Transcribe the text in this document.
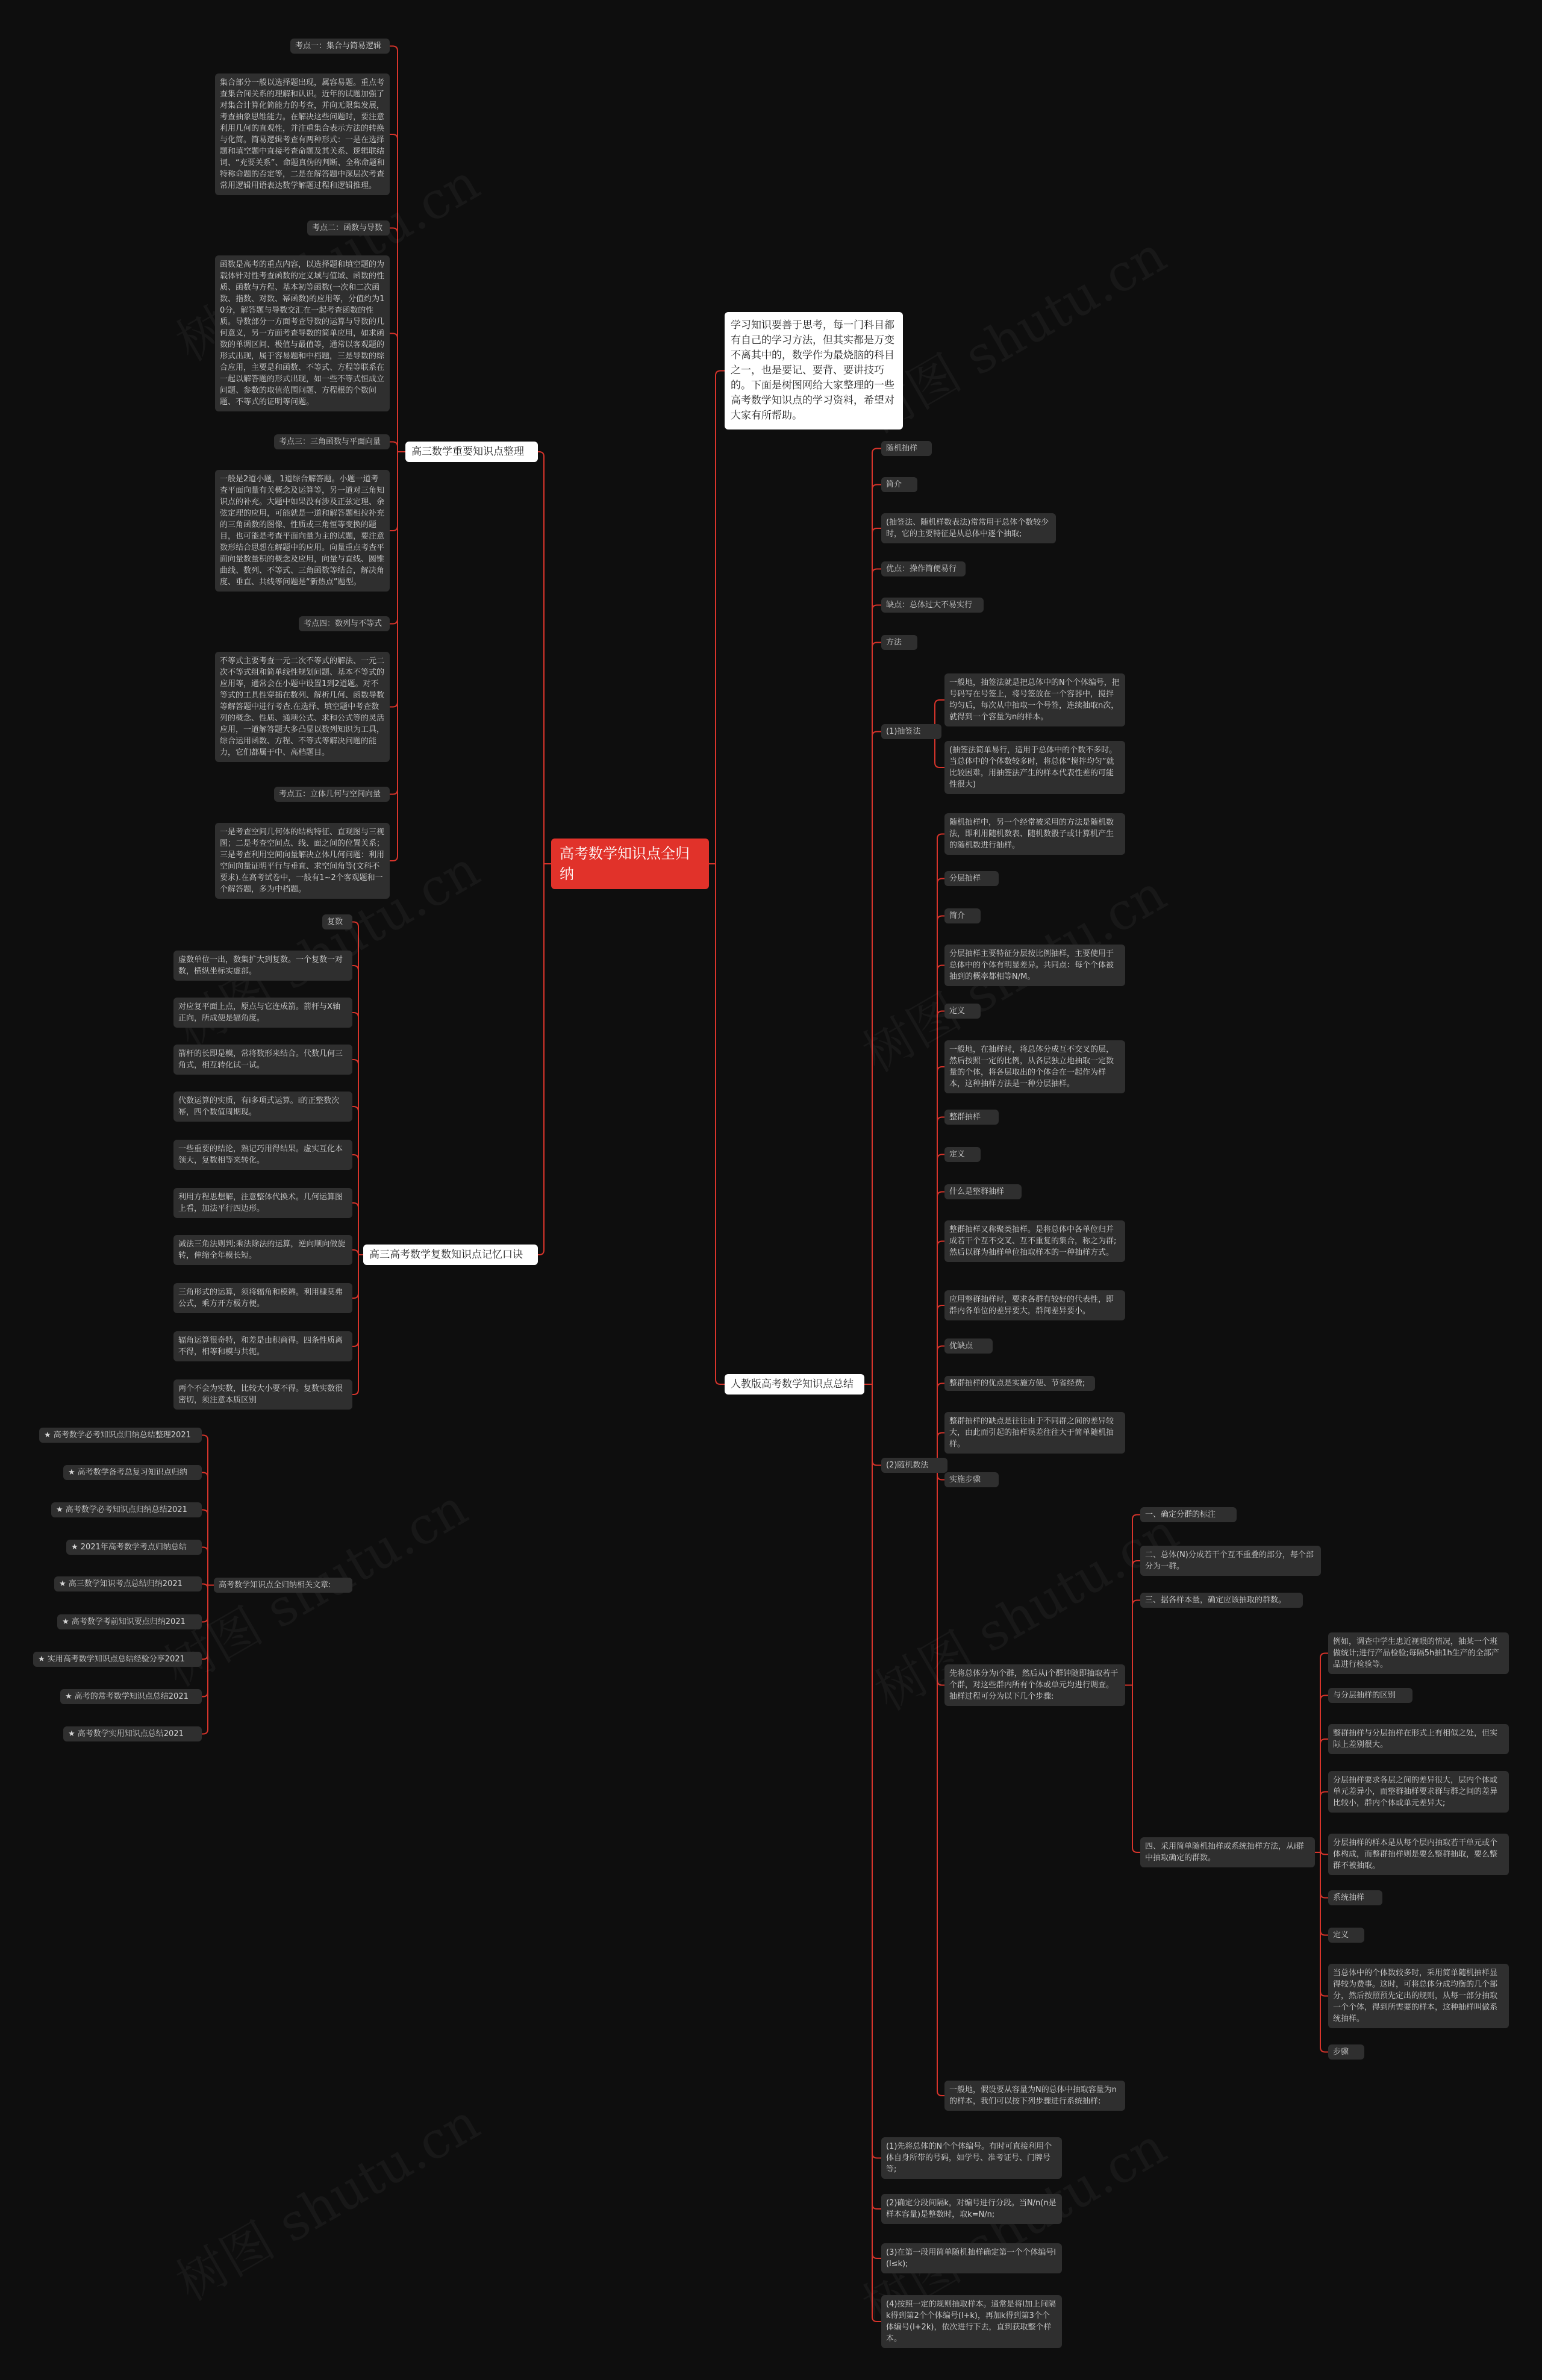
高考数学知识点全归纳
学习知识要善于思考，每一门科目都有自己的学习方法，但其实都是万变不离其中的，数学作为最烧脑的科目之一，也是要记、要背、要讲技巧的。下面是树图网给大家整理的一些高考数学知识点的学习资料，希望对大家有所帮助。
高三数学重要知识点整理
考点一：集合与简易逻辑
集合部分一般以选择题出现，属容易题。重点考查集合间关系的理解和认识。近年的试题加强了对集合计算化简能力的考查，并向无限集发展，考查抽象思维能力。在解决这些问题时，要注意利用几何的直观性，并注重集合表示方法的转换与化简。简易逻辑考查有两种形式：一是在选择题和填空题中直接考查命题及其关系、逻辑联结词、“充要关系”、命题真伪的判断、全称命题和特称命题的否定等，二是在解答题中深层次考查常用逻辑用语表达数学解题过程和逻辑推理。
考点二：函数与导数
函数是高考的重点内容，以选择题和填空题的为载体针对性考查函数的定义域与值域、函数的性质、函数与方程、基本初等函数(一次和二次函数、指数、对数、幂函数)的应用等，分值约为10分，解答题与导数交汇在一起考查函数的性质。导数部分一方面考查导数的运算与导数的几何意义，另一方面考查导数的简单应用，如求函数的单调区间、极值与最值等，通常以客观题的形式出现，属于容易题和中档题，三是导数的综合应用，主要是和函数、不等式、方程等联系在一起以解答题的形式出现，如一些不等式恒成立问题、参数的取值范围问题、方程根的个数问题、不等式的证明等问题。
考点三：三角函数与平面向量
一般是2道小题，1道综合解答题。小题一道考查平面向量有关概念及运算等，另一道对三角知识点的补充。大题中如果没有涉及正弦定理、余弦定理的应用，可能就是一道和解答题相拉补充的三角函数的图像、性质或三角恒等变换的题目，也可能是考查平面向量为主的试题，要注意数形结合思想在解题中的应用。向量重点考查平面向量数量积的概念及应用，向量与直线、圆锥曲线、数列、不等式、三角函数等结合，解决角度、垂直、共线等问题是“新热点”题型。
考点四：数列与不等式
不等式主要考查一元二次不等式的解法、一元二次不等式组和简单线性规划问题、基本不等式的应用等，通常会在小题中设置1到2道题。对不等式的工具性穿插在数列、解析几何、函数导数等解答题中进行考查.在选择、填空题中考查数列的概念、性质、通项公式、求和公式等的灵活应用，一道解答题大多凸显以数列知识为工具，综合运用函数、方程、不等式等解决问题的能力，它们都属于中、高档题目。
考点五：立体几何与空间向量
一是考查空间几何体的结构特征、直观图与三视图；二是考查空间点、线、面之间的位置关系；三是考查利用空间向量解决立体几何问题：利用空间向量证明平行与垂直、求空间角等(文科不要求).在高考试卷中，一般有1~2个客观题和一个解答题，多为中档题。
高三高考数学复数知识点记忆口诀
复数
虚数单位一出，数集扩大到复数。一个复数一对数，横纵坐标实虚部。
对应复平面上点，原点与它连成箭。箭杆与X轴正向，所成便是辐角度。
箭杆的长即是模，常将数形来结合。代数几何三角式，相互转化试一试。
代数运算的实质，有i多项式运算。i的正整数次幂，四个数值周期现。
一些重要的结论，熟记巧用得结果。虚实互化本领大，复数相等来转化。
利用方程思想解，注意整体代换术。几何运算图上看，加法平行四边形。
减法三角法则判;乘法除法的运算，逆向顺向做旋转，伸缩全年模长短。
三角形式的运算，须将辐角和模辨。利用棣莫弗公式，乘方开方极方便。
辐角运算很奇特，和差是由积商得。四条性质离不得，相等和模与共轭。
两个不会为实数，比较大小要不得。复数实数很密切，须注意本质区别
高考数学知识点全归纳相关文章:
★ 高考数学必考知识点归纳总结整理2021
★ 高考数学备考总复习知识点归纳
★ 高考数学必考知识点归纳总结2021
★ 2021年高考数学考点归纳总结
★ 高三数学知识考点总结归纳2021
★ 高考数学考前知识要点归纳2021
★ 实用高考数学知识点总结经验分享2021
★ 高考的常考数学知识点总结2021
★ 高考数学实用知识点总结2021
人教版高考数学知识点总结
随机抽样
简介
(抽签法、随机样数表法)常常用于总体个数较少时，它的主要特征是从总体中逐个抽取;
优点：操作简便易行
缺点：总体过大不易实行
方法
(1)抽签法
一般地，抽签法就是把总体中的N个个体编号，把号码写在号签上，将号签放在一个容器中，搅拌均匀后，每次从中抽取一个号签，连续抽取n次，就得到一个容量为n的样本。
(抽签法简单易行，适用于总体中的个数不多时。当总体中的个体数较多时，将总体“搅拌均匀”就比较困难，用抽签法产生的样本代表性差的可能性很大)
(2)随机数法
随机抽样中，另一个经常被采用的方法是随机数法，即利用随机数表、随机数骰子或计算机产生的随机数进行抽样。
分层抽样
简介
分层抽样主要特征分层按比例抽样，主要使用于总体中的个体有明显差异。共同点：每个个体被抽到的概率都相等N/M。
定义
一般地，在抽样时，将总体分成互不交叉的层，然后按照一定的比例，从各层独立地抽取一定数量的个体，将各层取出的个体合在一起作为样本，这种抽样方法是一种分层抽样。
整群抽样
定义
什么是整群抽样
整群抽样又称聚类抽样。是将总体中各单位归并成若干个互不交叉、互不重复的集合，称之为群;然后以群为抽样单位抽取样本的一种抽样方式。
应用整群抽样时，要求各群有较好的代表性，即群内各单位的差异要大，群间差异要小。
优缺点
整群抽样的优点是实施方便、节省经费;
整群抽样的缺点是往往由于不同群之间的差异较大，由此而引起的抽样误差往往大于简单随机抽样。
实施步骤
先将总体分为i个群，然后从i个群钟随即抽取若干个群，对这些群内所有个体或单元均进行调查。抽样过程可分为以下几个步骤:
一、确定分群的标注
二、总体(N)分成若干个互不重叠的部分，每个部分为一群。
三、据各样本量，确定应该抽取的群数。
四、采用简单随机抽样或系统抽样方法，从i群中抽取确定的群数。
例如，调查中学生患近视眼的情况，抽某一个班做统计;进行产品检验;每隔5h抽1h生产的全部产品进行检验等。
与分层抽样的区别
整群抽样与分层抽样在形式上有相似之处，但实际上差别很大。
分层抽样要求各层之间的差异很大，层内个体或单元差异小，而整群抽样要求群与群之间的差异比较小，群内个体或单元差异大;
分层抽样的样本是从每个层内抽取若干单元或个体构成，而整群抽样则是要么整群抽取，要么整群不被抽取。
系统抽样
定义
当总体中的个体数较多时，采用简单随机抽样显得较为费事。这时，可将总体分成均衡的几个部分，然后按照预先定出的规则，从每一部分抽取一个个体，得到所需要的样本，这种抽样叫做系统抽样。
步骤
一般地，假设要从容量为N的总体中抽取容量为n的样本，我们可以按下列步骤进行系统抽样:
(1)先将总体的N个个体编号。有时可直接利用个体自身所带的号码，如学号、准考证号、门牌号等;
(2)确定分段间隔k，对编号进行分段。当N/n(n是样本容量)是整数时，取k=N/n;
(3)在第一段用简单随机抽样确定第一个个体编号l(l≤k);
(4)按照一定的规则抽取样本。通常是将l加上间隔k得到第2个个体编号(l+k)，再加k得到第3个个体编号(l+2k)，依次进行下去，直到获取整个样本。
